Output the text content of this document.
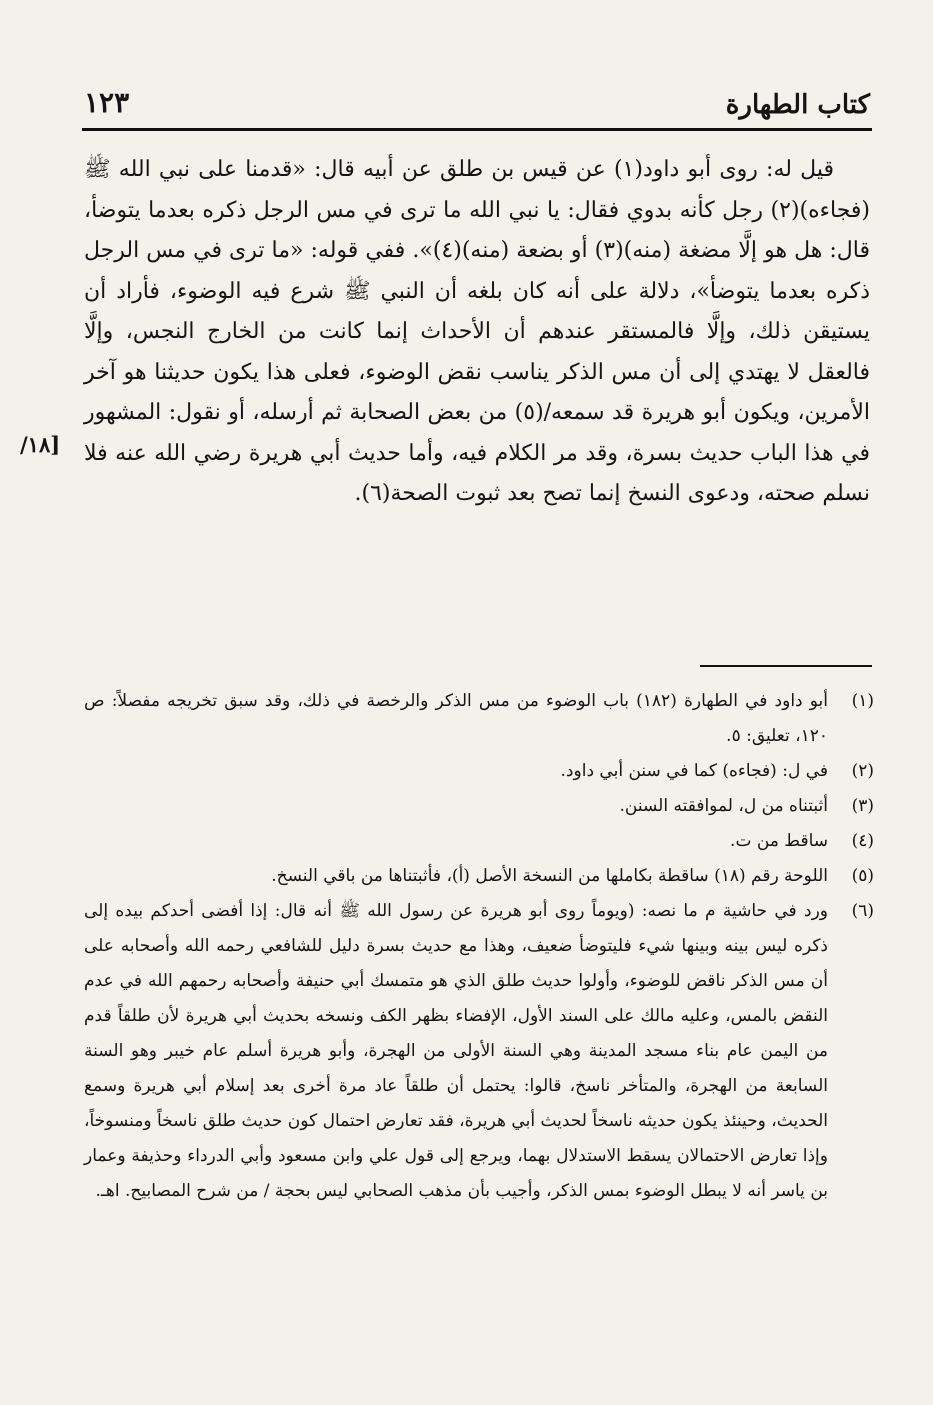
كتاب الطهارة
١٢٣

قيل له: روى أبو داود(١) عن قيس بن طلق عن أبيه قال: «قدمنا على نبي الله ﷺ (فجاءه)(٢) رجل كأنه بدوي فقال: يا نبي الله ما ترى في مس الرجل ذكره بعدما يتوضأ، قال: هل هو إلَّا مضغة (منه)(٣) أو بضعة (منه)(٤)». ففي قوله: «ما ترى في مس الرجل ذكره بعدما يتوضأ»، دلالة على أنه كان بلغه أن النبي ﷺ شرع فيه الوضوء، فأراد أن يستيقن ذلك، وإلَّا فالمستقر عندهم أن الأحداث إنما كانت من الخارج النجس، وإلَّا فالعقل لا يهتدي إلى أن مس الذكر يناسب نقض الوضوء، فعلى هذا يكون حديثنا هو آخر الأمرين، ويكون أبو هريرة قد سمعه/(٥) من بعض الصحابة ثم أرسله، أو نقول: المشهور في هذا الباب حديث بسرة، وقد مر الكلام فيه، وأما حديث أبي هريرة رضي الله عنه فلا نسلم صحته، ودعوى النسخ إنما تصح بعد ثبوت الصحة(٦).

[١٨/
(١)
أبو داود في الطهارة (١٨٢) باب الوضوء من مس الذكر والرخصة في ذلك، وقد سبق تخريجه مفصلاً: ص ١٢٠، تعليق: ٥.
(٢)
في ل: (فجاءه) كما في سنن أبي داود.
(٣)
أثبتناه من ل، لموافقته السنن.
(٤)
ساقط من ت.
(٥)
اللوحة رقم (١٨) ساقطة بكاملها من النسخة الأصل (أ)، فأثبتناها من باقي النسخ.
(٦)
ورد في حاشية م ما نصه: (ويوماً روى أبو هريرة عن رسول الله ﷺ أنه قال: إذا أفضى أحدكم بيده إلى ذكره ليس بينه وبينها شيء فليتوضأ ضعيف، وهذا مع حديث بسرة دليل للشافعي رحمه الله وأصحابه على أن مس الذكر ناقض للوضوء، وأولوا حديث طلق الذي هو متمسك أبي حنيفة وأصحابه رحمهم الله في عدم النقض بالمس، وعليه مالك على السند الأول، الإفضاء بظهر الكف ونسخه بحديث أبي هريرة لأن طلقاً قدم من اليمن عام بناء مسجد المدينة وهي السنة الأولى من الهجرة، وأبو هريرة أسلم عام خيبر وهو السنة السابعة من الهجرة، والمتأخر ناسخ، قالوا: يحتمل أن طلقاً عاد مرة أخرى بعد إسلام أبي هريرة وسمع الحديث، وحينئذ يكون حديثه ناسخاً لحديث أبي هريرة، فقد تعارض احتمال كون حديث طلق ناسخاً ومنسوخاً، وإذا تعارض الاحتمالان يسقط الاستدلال بهما، ويرجع إلى قول علي وابن مسعود وأبي الدرداء وحذيفة وعمار بن ياسر أنه لا يبطل الوضوء بمس الذكر، وأجيب بأن مذهب الصحابي ليس بحجة / من شرح المصابيح. اهـ.
